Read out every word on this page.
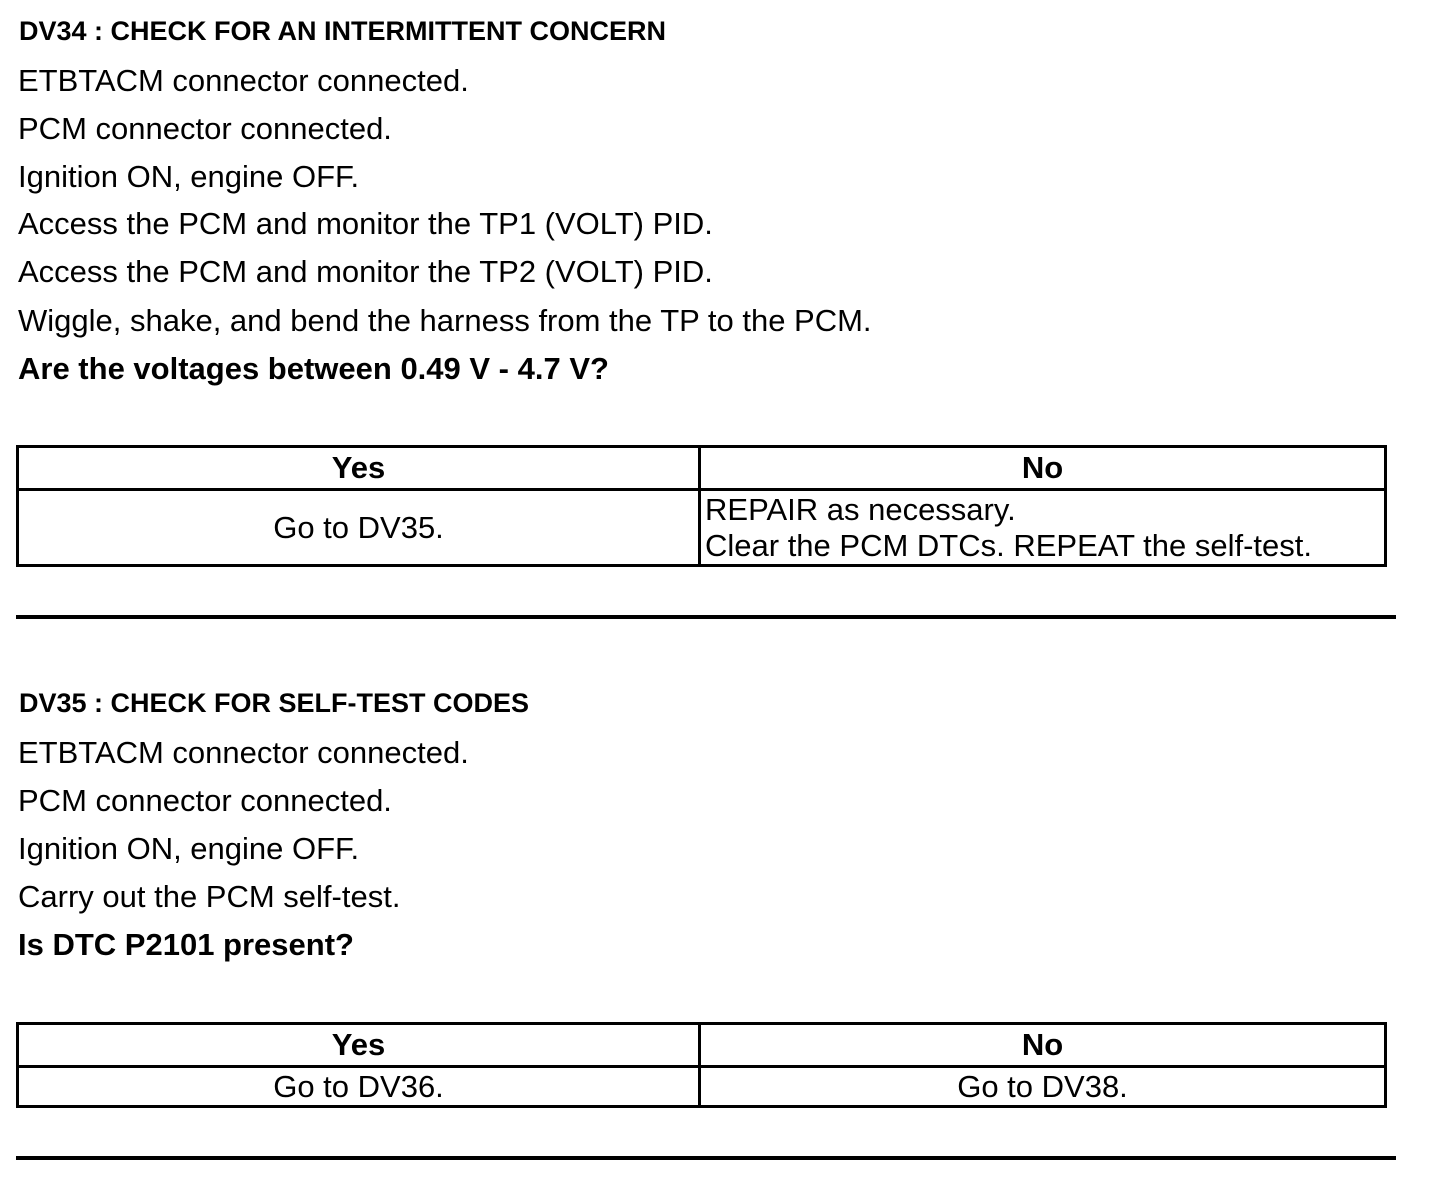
DV34 : CHECK FOR AN INTERMITTENT CONCERN
ETBTACM connector connected.
PCM connector connected.
Ignition ON, engine OFF.
Access the PCM and monitor the TP1 (VOLT) PID.
Access the PCM and monitor the TP2 (VOLT) PID.
Wiggle, shake, and bend the harness from the TP to the PCM.
Are the voltages between 0.49 V - 4.7 V?
Yes	No
Go to DV35.	REPAIR as necessary.
Clear the PCM DTCs. REPEAT the self-test.
DV35 : CHECK FOR SELF-TEST CODES
ETBTACM connector connected.
PCM connector connected.
Ignition ON, engine OFF.
Carry out the PCM self-test.
Is DTC P2101 present?
Yes	No
Go to DV36.	Go to DV38.
